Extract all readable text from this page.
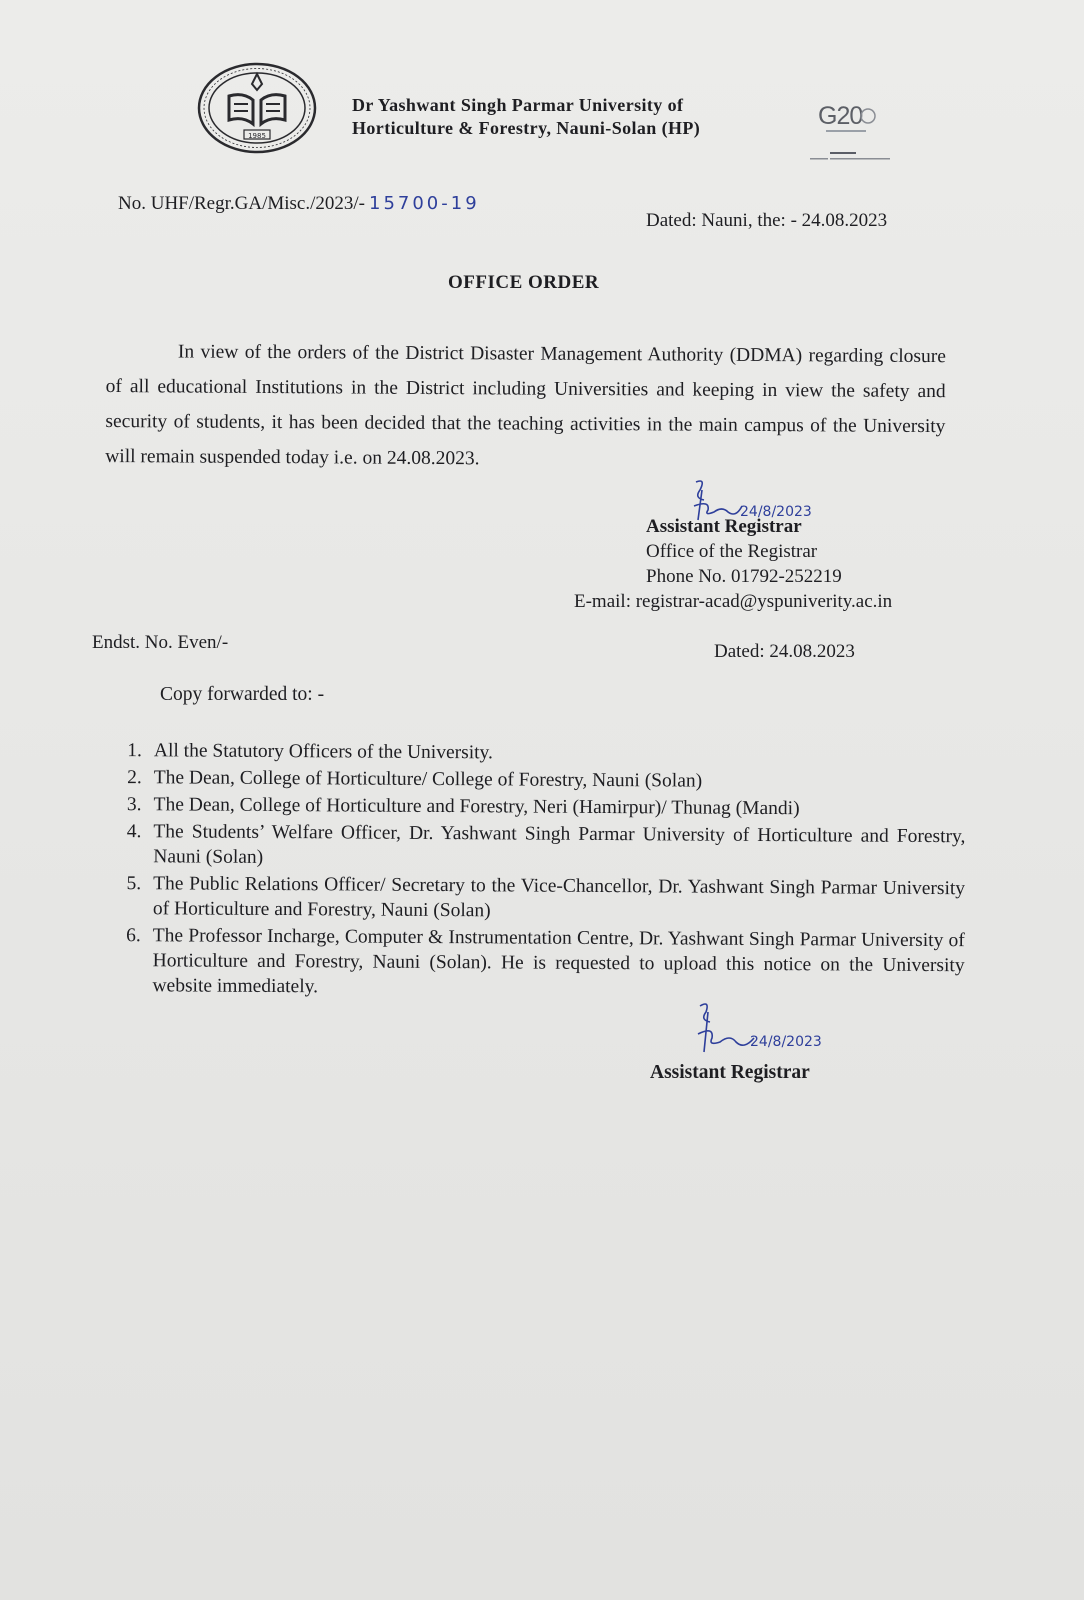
1985
Dr Yashwant Singh Parmar University of
Horticulture & Forestry, Nauni-Solan (HP)	G20
No. UHF/Regr.GA/Misc./2023/- 15700-19
Dated: Nauni, the: - 24.08.2023
OFFICE ORDER
In view of the orders of the District Disaster Management Authority (DDMA) regarding closure of all educational Institutions in the District including Universities and keeping in view the safety and security of students, it has been decided that the teaching activities in the main campus of the University will remain suspended today i.e. on 24.08.2023.
24/8/2023
Assistant Registrar
Office of the Registrar
Phone No. 01792-252219
E-mail: registrar-acad@yspuniverity.ac.in
Endst. No. Even/-	Dated: 24.08.2023
Copy forwarded to: -
1. All the Statutory Officers of the University.
2. The Dean, College of Horticulture/ College of Forestry, Nauni (Solan)
3. The Dean, College of Horticulture and Forestry, Neri (Hamirpur)/ Thunag (Mandi)
4. The Students’ Welfare Officer, Dr. Yashwant Singh Parmar University of Horticulture and Forestry, Nauni (Solan)
5. The Public Relations Officer/ Secretary to the Vice-Chancellor, Dr. Yashwant Singh Parmar University of Horticulture and Forestry, Nauni (Solan)
6. The Professor Incharge, Computer & Instrumentation Centre, Dr. Yashwant Singh Parmar University of Horticulture and Forestry, Nauni (Solan). He is requested to upload this notice on the University website immediately.
24/8/2023
Assistant Registrar
